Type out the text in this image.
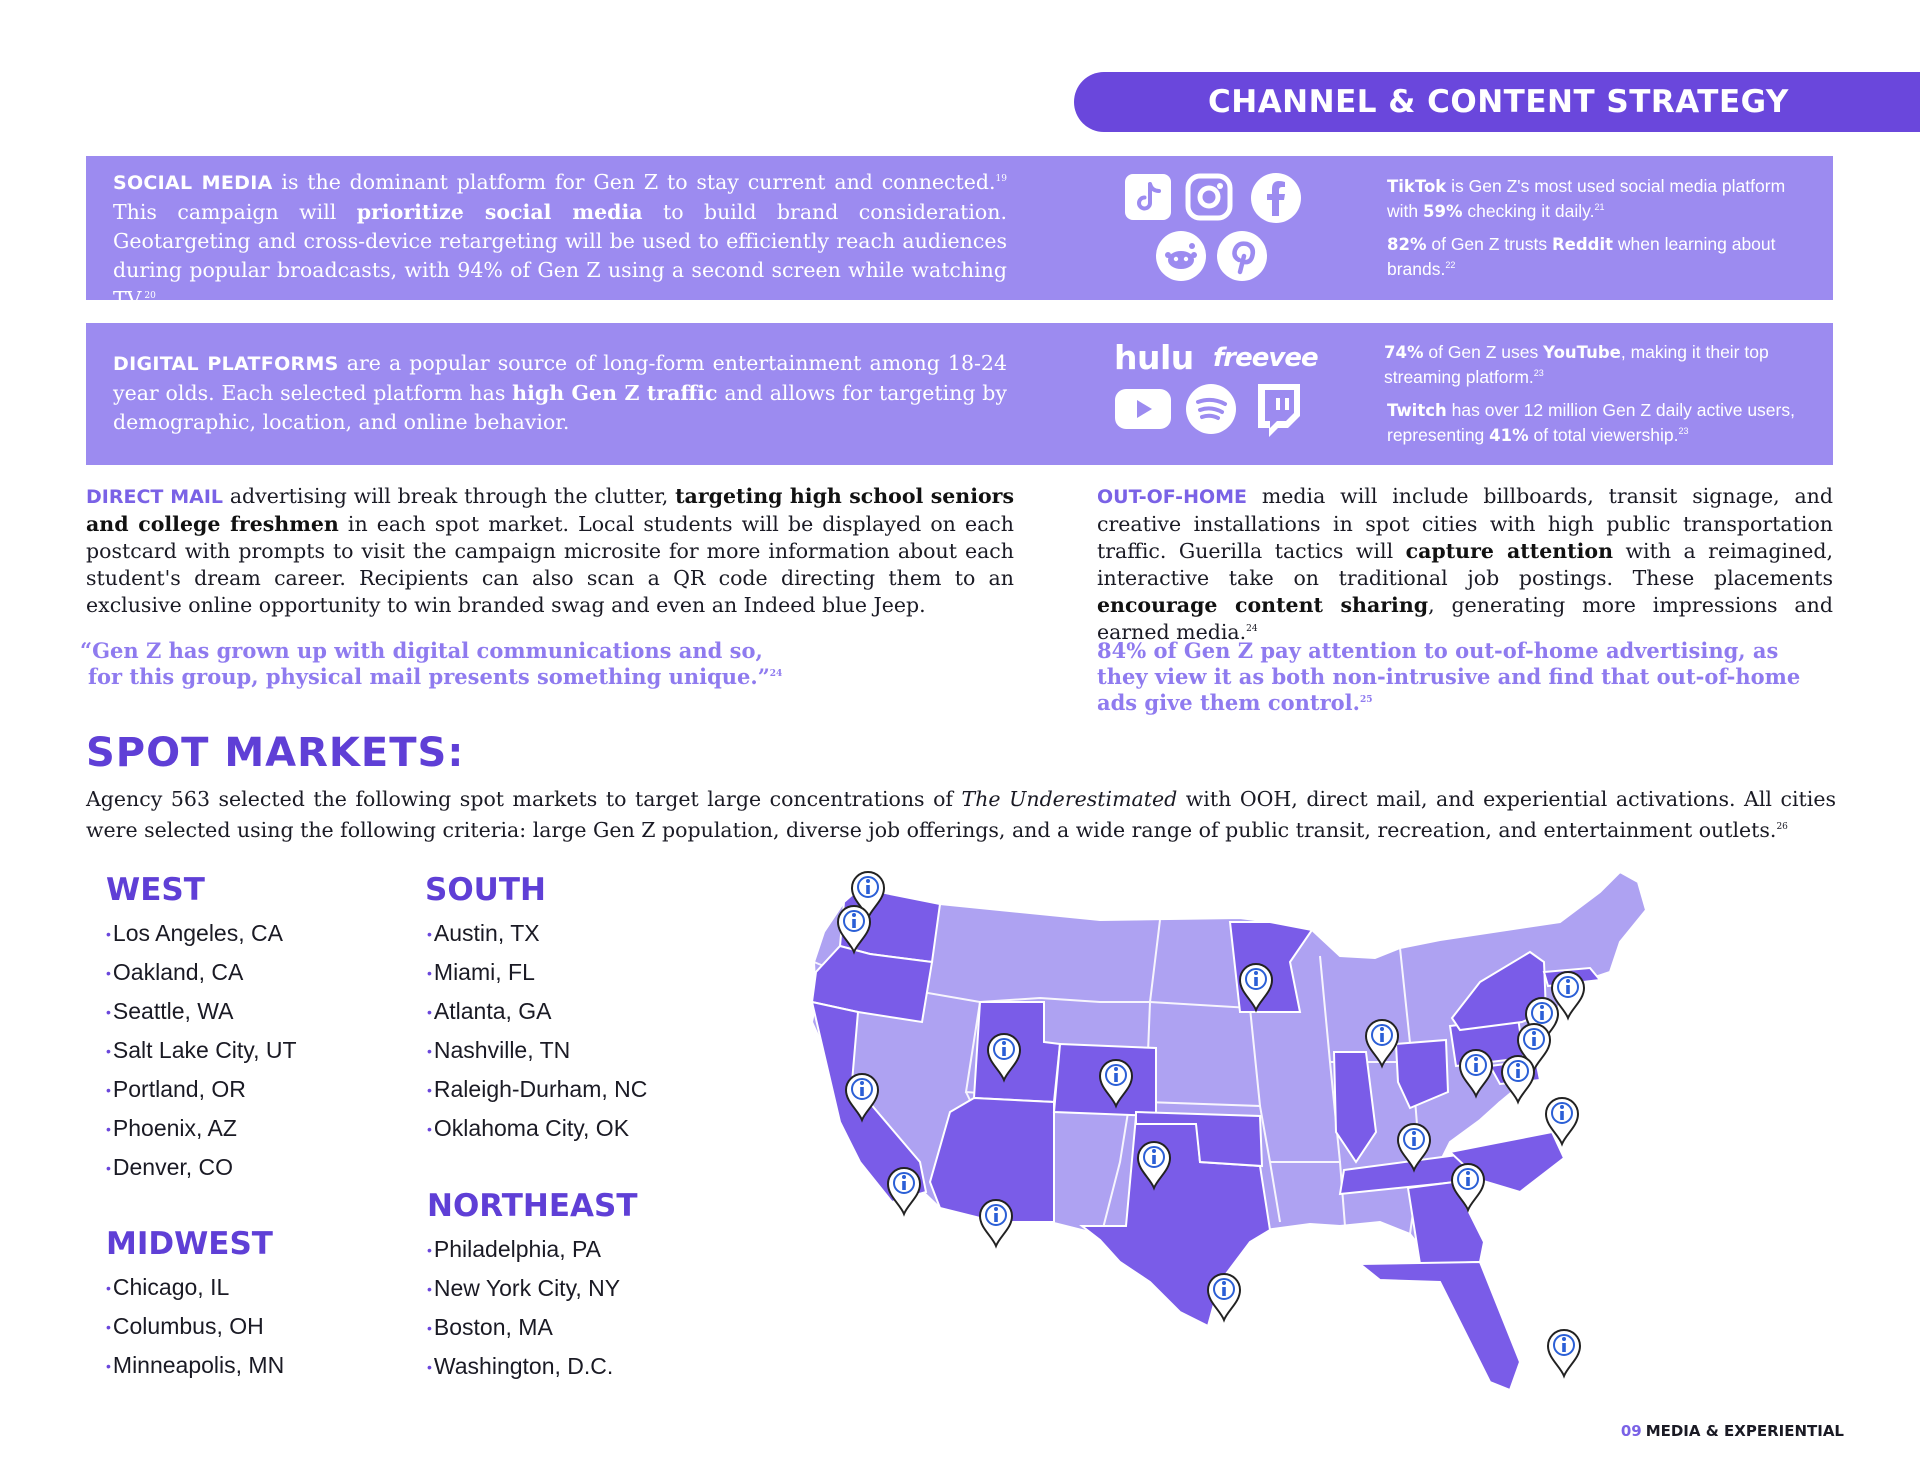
CHANNEL & CONTENT STRATEGY

SOCIAL MEDIA is the dominant platform for Gen Z to stay current and connected.$^{19}$ This campaign will prioritize social media to build brand consideration. Geotargeting and cross-device retargeting will be used to efficiently reach audiences during popular broadcasts, with 94% of Gen Z using a second screen while watching TV.$^{20}$

TikTok is Gen Z's most used social media platform with 59% checking it daily.$^{21}$

82% of Gen Z trusts Reddit when learning about brands.$^{22}$

DIGITAL PLATFORMS are a popular source of long-form entertainment among 18-24 year olds. Each selected platform has high Gen Z traffic and allows for targeting by demographic, location, and online behavior.

hulu freevee	74% of Gen Z uses YouTube, making it their top streaming platform.$^{23}$

Twitch has over 12 million Gen Z daily active users, representing 41% of total viewership.$^{23}$

DIRECT MAIL advertising will break through the clutter, targeting high school seniors and college freshmen in each spot market. Local students will be displayed on each postcard with prompts to visit the campaign microsite for more information about each student's dream career. Recipients can also scan a QR code directing them to an exclusive online opportunity to win branded swag and even an Indeed blue Jeep.

“Gen Z has grown up with digital communications and so,
for this group, physical mail presents something unique.”$^{24}$

OUT-OF-HOME media will include billboards, transit signage, and creative installations in spot cities with high public transportation traffic. Guerilla tactics will capture attention with a reimagined, interactive take on traditional job postings. These placements encourage content sharing, generating more impressions and earned media.$^{24}$

84% of Gen Z pay attention to out-of-home advertising, as they view it as both non-intrusive and find that out-of-home ads give them control.$^{25}$

SPOT MARKETS:

Agency 563 selected the following spot markets to target large concentrations of The Underestimated with OOH, direct mail, and experiential activations. All cities were selected using the following criteria: large Gen Z population, diverse job offerings, and a wide range of public transit, recreation, and entertainment outlets.$^{26}$

WEST
•Los Angeles, CA
•Oakland, CA
•Seattle, WA
•Salt Lake City, UT
•Portland, OR
•Phoenix, AZ
•Denver, CO
MIDWEST
•Chicago, IL
•Columbus, OH
•Minneapolis, MN
SOUTH
•Austin, TX
•Miami, FL
•Atlanta, GA
•Nashville, TN
•Raleigh-Durham, NC
•Oklahoma City, OK
NORTHEAST
•Philadelphia, PA
•New York City, NY
•Boston, MA
•Washington, D.C.
09 MEDIA & EXPERIENTIAL
